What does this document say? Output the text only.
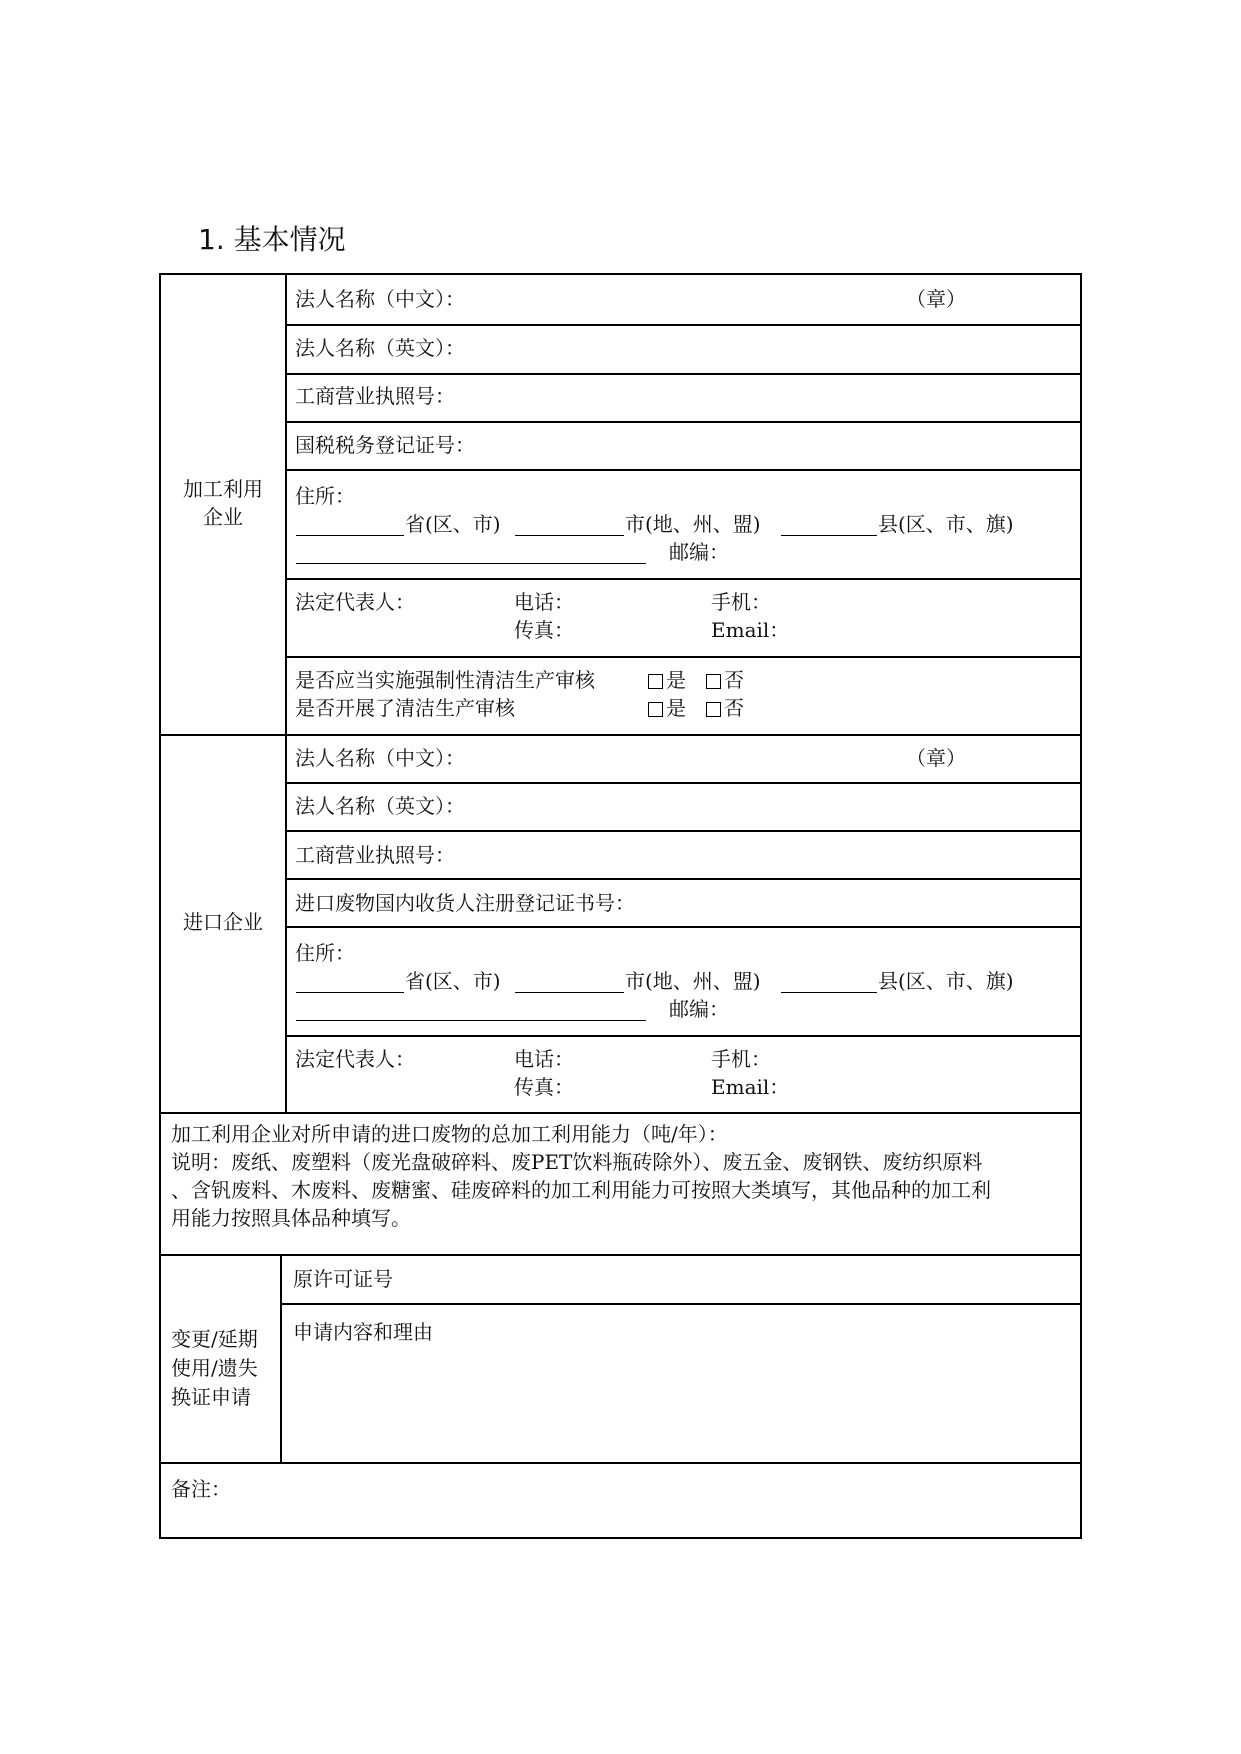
1. 基本情况
加工利用
企业
法人名称（中文）：	（章）
法人名称（英文）：
工商营业执照号：
国税税务登记证号：
住所：
省(区、市)	市(地、州、盟)	县(区、市、旗)
邮编：
法定代表人：	电话：	手机：
传真：	Email：
是否应当实施强制性清洁生产审核	是	否
是否开展了清洁生产审核	是	否
进口企业
法人名称（中文）：	（章）
法人名称（英文）：
工商营业执照号：
进口废物国内收货人注册登记证书号：
住所：
省(区、市)	市(地、州、盟)	县(区、市、旗)
邮编：
法定代表人：	电话：	手机：
传真：	Email：
加工利用企业对所申请的进口废物的总加工利用能力（吨/年）：
说明：废纸、废塑料（废光盘破碎料、废PET饮料瓶砖除外）、废五金、废钢铁、废纺织原料
、含钒废料、木废料、废糖蜜、硅废碎料的加工利用能力可按照大类填写，其他品种的加工利
用能力按照具体品种填写。
变更/延期
使用/遗失
换证申请
原许可证号
申请内容和理由
备注：
